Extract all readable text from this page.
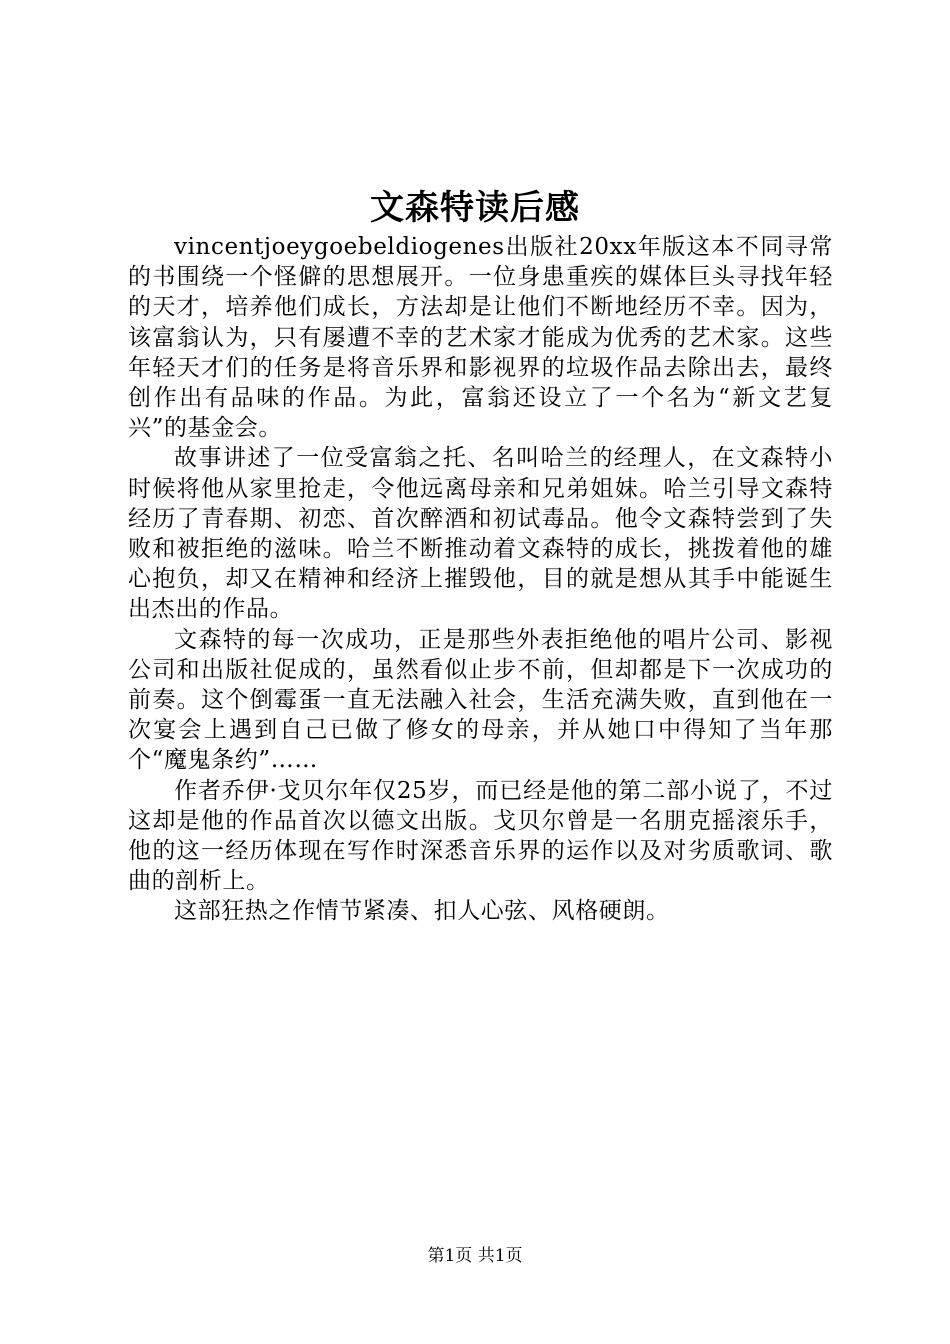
文森特读后感

vincentjoeygoebeldiogenes出版社20xx年版这本不同寻常的书围绕一个怪僻的思想展开。一位身患重疾的媒体巨头寻找年轻的天才，培养他们成长，方法却是让他们不断地经历不幸。因为，该富翁认为，只有屡遭不幸的艺术家才能成为优秀的艺术家。这些年轻天才们的任务是将音乐界和影视界的垃圾作品去除出去，最终创作出有品味的作品。为此，富翁还设立了一个名为“新文艺复兴”的基金会。

故事讲述了一位受富翁之托、名叫哈兰的经理人，在文森特小时候将他从家里抢走，令他远离母亲和兄弟姐妹。哈兰引导文森特经历了青春期、初恋、首次醉酒和初试毒品。他令文森特尝到了失败和被拒绝的滋味。哈兰不断推动着文森特的成长，挑拨着他的雄心抱负，却又在精神和经济上摧毁他，目的就是想从其手中能诞生出杰出的作品。

文森特的每一次成功，正是那些外表拒绝他的唱片公司、影视公司和出版社促成的，虽然看似止步不前，但却都是下一次成功的前奏。这个倒霉蛋一直无法融入社会，生活充满失败，直到他在一次宴会上遇到自己已做了修女的母亲，并从她口中得知了当年那个“魔鬼条约”……

作者乔伊·戈贝尔年仅25岁，而已经是他的第二部小说了，不过这却是他的作品首次以德文出版。戈贝尔曾是一名朋克摇滚乐手，他的这一经历体现在写作时深悉音乐界的运作以及对劣质歌词、歌曲的剖析上。

这部狂热之作情节紧凑、扣人心弦、风格硬朗。

第1页 共1页
